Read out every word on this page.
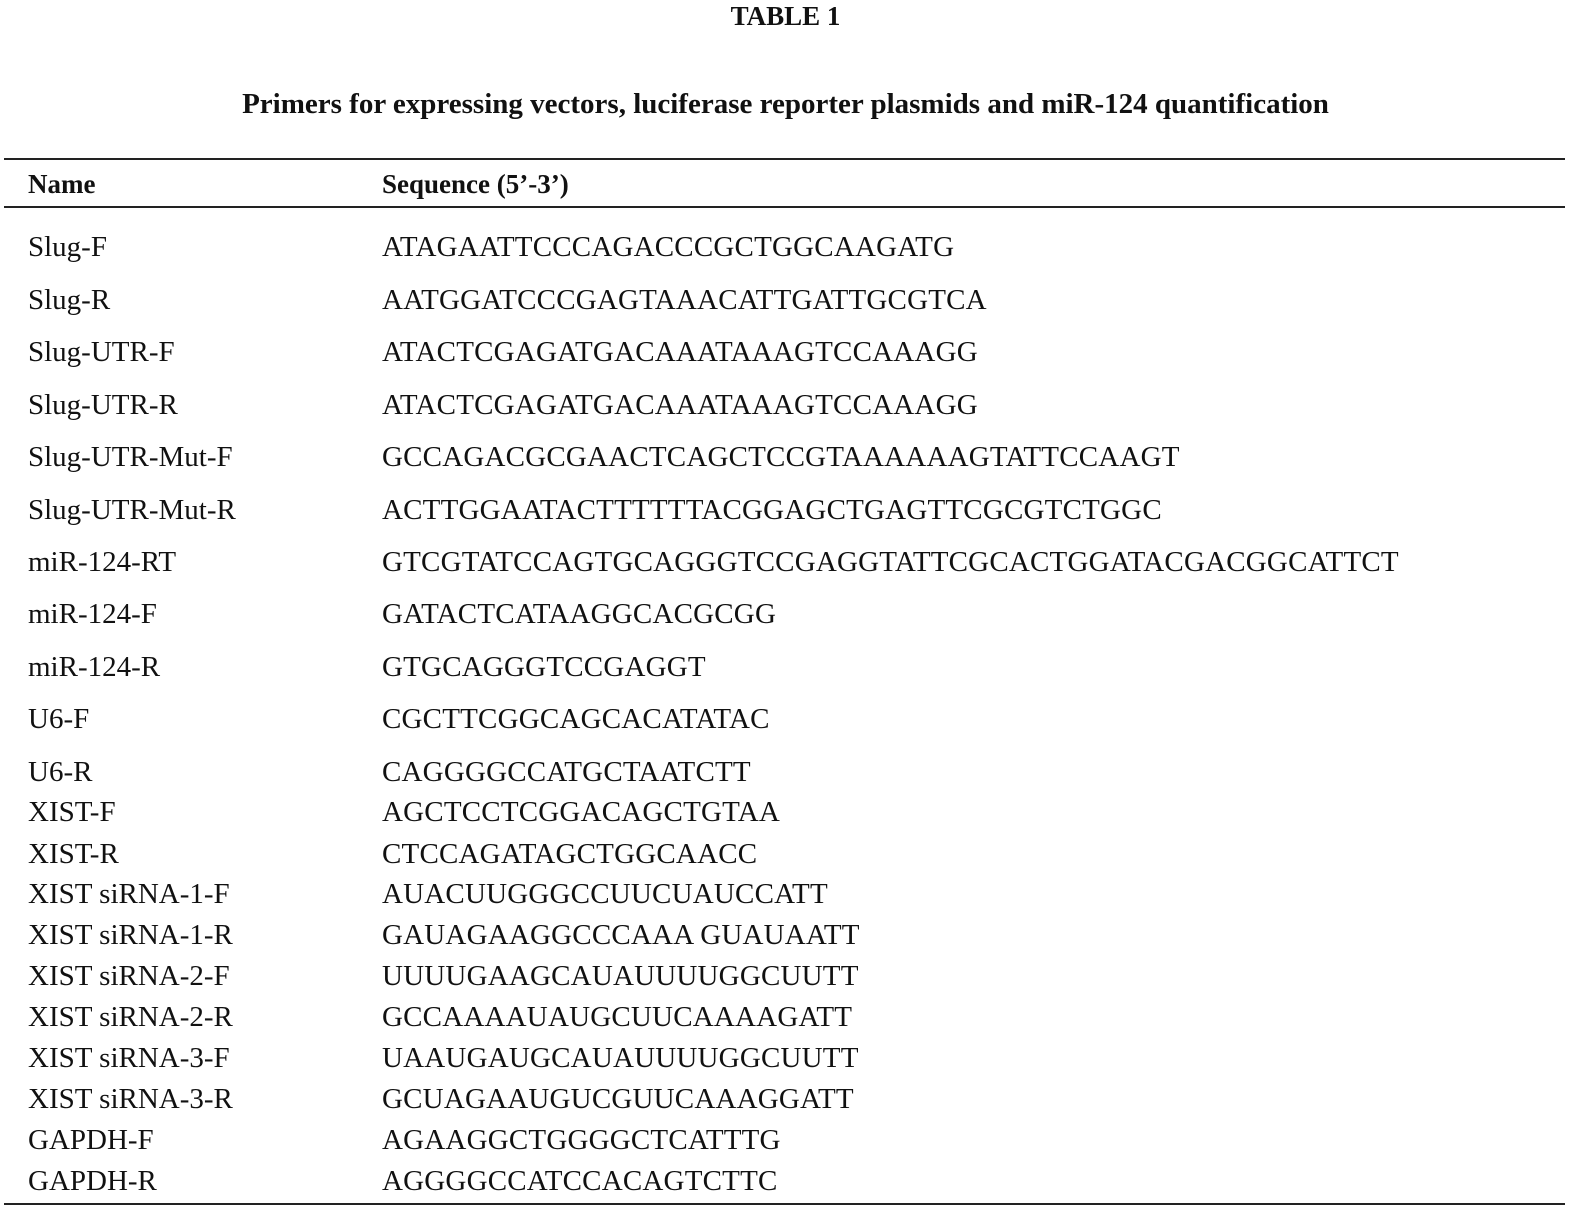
TABLE 1
Primers for expressing vectors, luciferase reporter plasmids and miR-124 quantification
Name	Sequence (5’-3’)
Slug-F	ATAGAATTCCCAGACCCGCTGGCAAGATG
Slug-R	AATGGATCCCGAGTAAACATTGATTGCGTCA
Slug-UTR-F	ATACTCGAGATGACAAATAAAGTCCAAAGG
Slug-UTR-R	ATACTCGAGATGACAAATAAAGTCCAAAGG
Slug-UTR-Mut-F	GCCAGACGCGAACTCAGCTCCGTAAAAAAGTATTCCAAGT
Slug-UTR-Mut-R	ACTTGGAATACTTTTTTACGGAGCTGAGTTCGCGTCTGGC
miR-124-RT	GTCGTATCCAGTGCAGGGTCCGAGGTATTCGCACTGGATACGACGGCATTCT
miR-124-F	GATACTCATAAGGCACGCGG
miR-124-R	GTGCAGGGTCCGAGGT
U6-F	CGCTTCGGCAGCACATATAC
U6-R	CAGGGGCCATGCTAATCTT
XIST-F	AGCTCCTCGGACAGCTGTAA
XIST-R	CTCCAGATAGCTGGCAACC
XIST siRNA-1-F	AUACUUGGGCCUUCUAUCCATT
XIST siRNA-1-R	GAUAGAAGGCCCAAA GUAUAATT
XIST siRNA-2-F	UUUUGAAGCAUAUUUUGGCUUTT
XIST siRNA-2-R	GCCAAAAUAUGCUUCAAAAGATT
XIST siRNA-3-F	UAAUGAUGCAUAUUUUGGCUUTT
XIST siRNA-3-R	GCUAGAAUGUCGUUCAAAGGATT
GAPDH-F	AGAAGGCTGGGGCTCATTTG
GAPDH-R	AGGGGCCATCCACAGTCTTC
